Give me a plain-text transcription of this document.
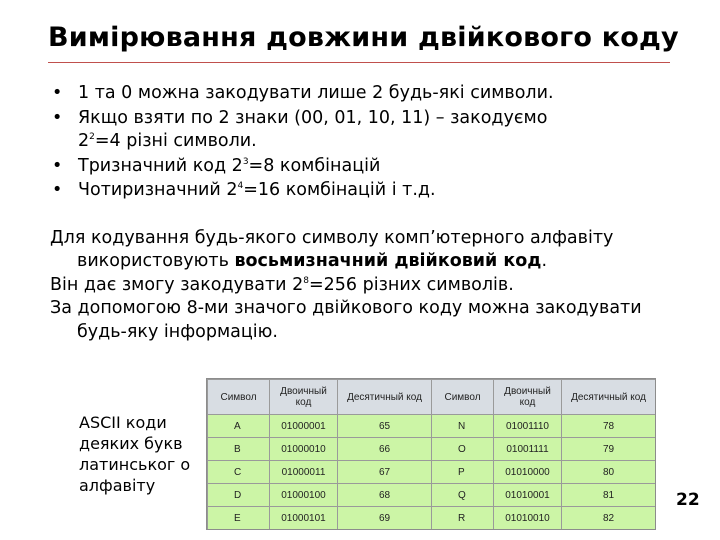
Вимірювання довжини двійкового коду
• 1 та 0 можна закодувати лише 2 будь-які символи.
• Якщо взяти по 2 знаки (00, 01, 10, 11) – закодуємо
$2^2=4$ різні символи.
• Тризначний код $2^3=8$ комбінацій
• Чотиризначний $2^4=16$ комбінацій і т.д.

Для кодування будь-якого символу комп’ютерного алфавіту використовують восьмизначний двійковий код.

Він дає змогу закодувати $2^8=256$ різних символів.

За допомогою 8-ми значого двійкового коду можна закодувати будь-яку інформацію.

ASCII коди деяких букв латинськог о алфавіту
Символ	Двоичный код	Десятичный код	Символ	Двоичный код	Десятичный код
A	01000001	65	N	01001110	78
B	01000010	66	O	01001111	79
C	01000011	67	P	01010000	80
D	01000100	68	Q	01010001	81
E	01000101	69	R	01010010	82
22
